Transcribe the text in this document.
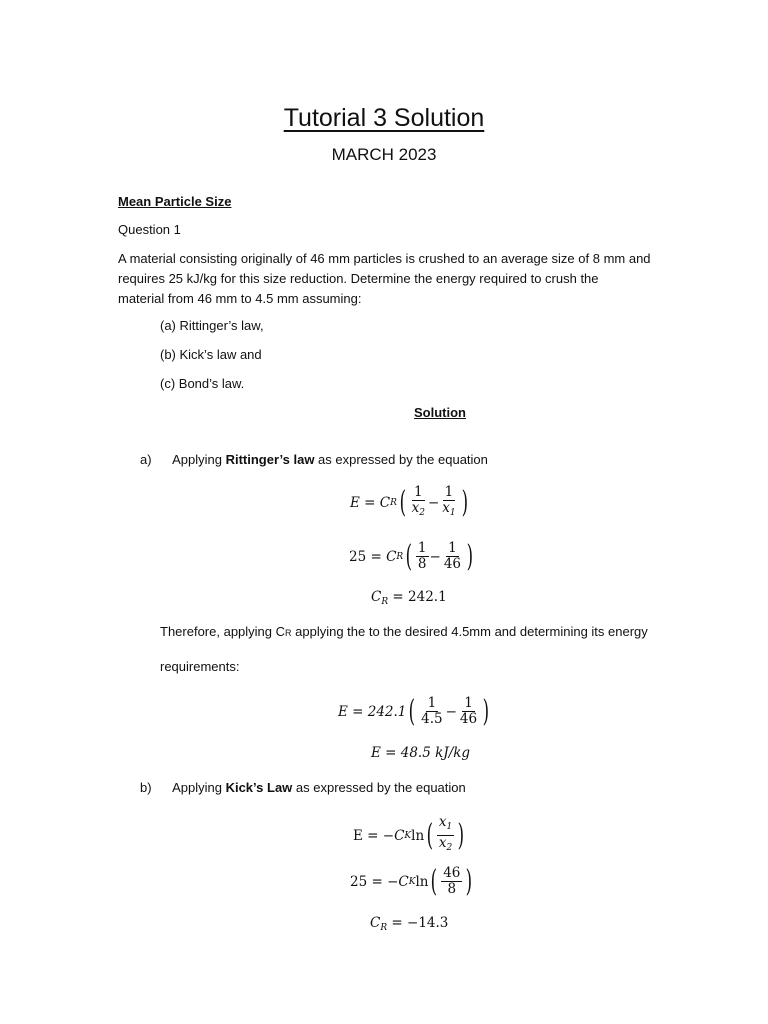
Tutorial 3 Solution
MARCH 2023
Mean Particle Size
Question 1
A material consisting originally of 46 mm particles is crushed to an average size of 8 mm and
requires 25 kJ/kg for this size reduction. Determine the energy required to crush the
material from 46 mm to 4.5 mm assuming:
(a) Rittinger’s law,
(b) Kick’s law and
(c) Bond’s law.
Solution
a) Applying Rittinger’s law as expressed by the equation
E =
C R ( $\frac{1}{x_2} - \frac{1}{x_1}$ )
25 =
C R ( $\frac{1}{8} - \frac{1}{46}$ )
$C_R = 242.1$
Therefore, applying CR applying the to the desired 4.5mm and determining its energy
requirements:
E = 242.1 ( $\frac{1}{4.5} - \frac{1}{46}$ )
E = 48.5 kJ/kg
b) Applying Kick’s Law as expressed by the equation
E = − C K ln ( $\frac{x_1}{x_2}$ )
25 = − C K ln ( $\frac{46}{8}$ )
$C_R = -14.3$
